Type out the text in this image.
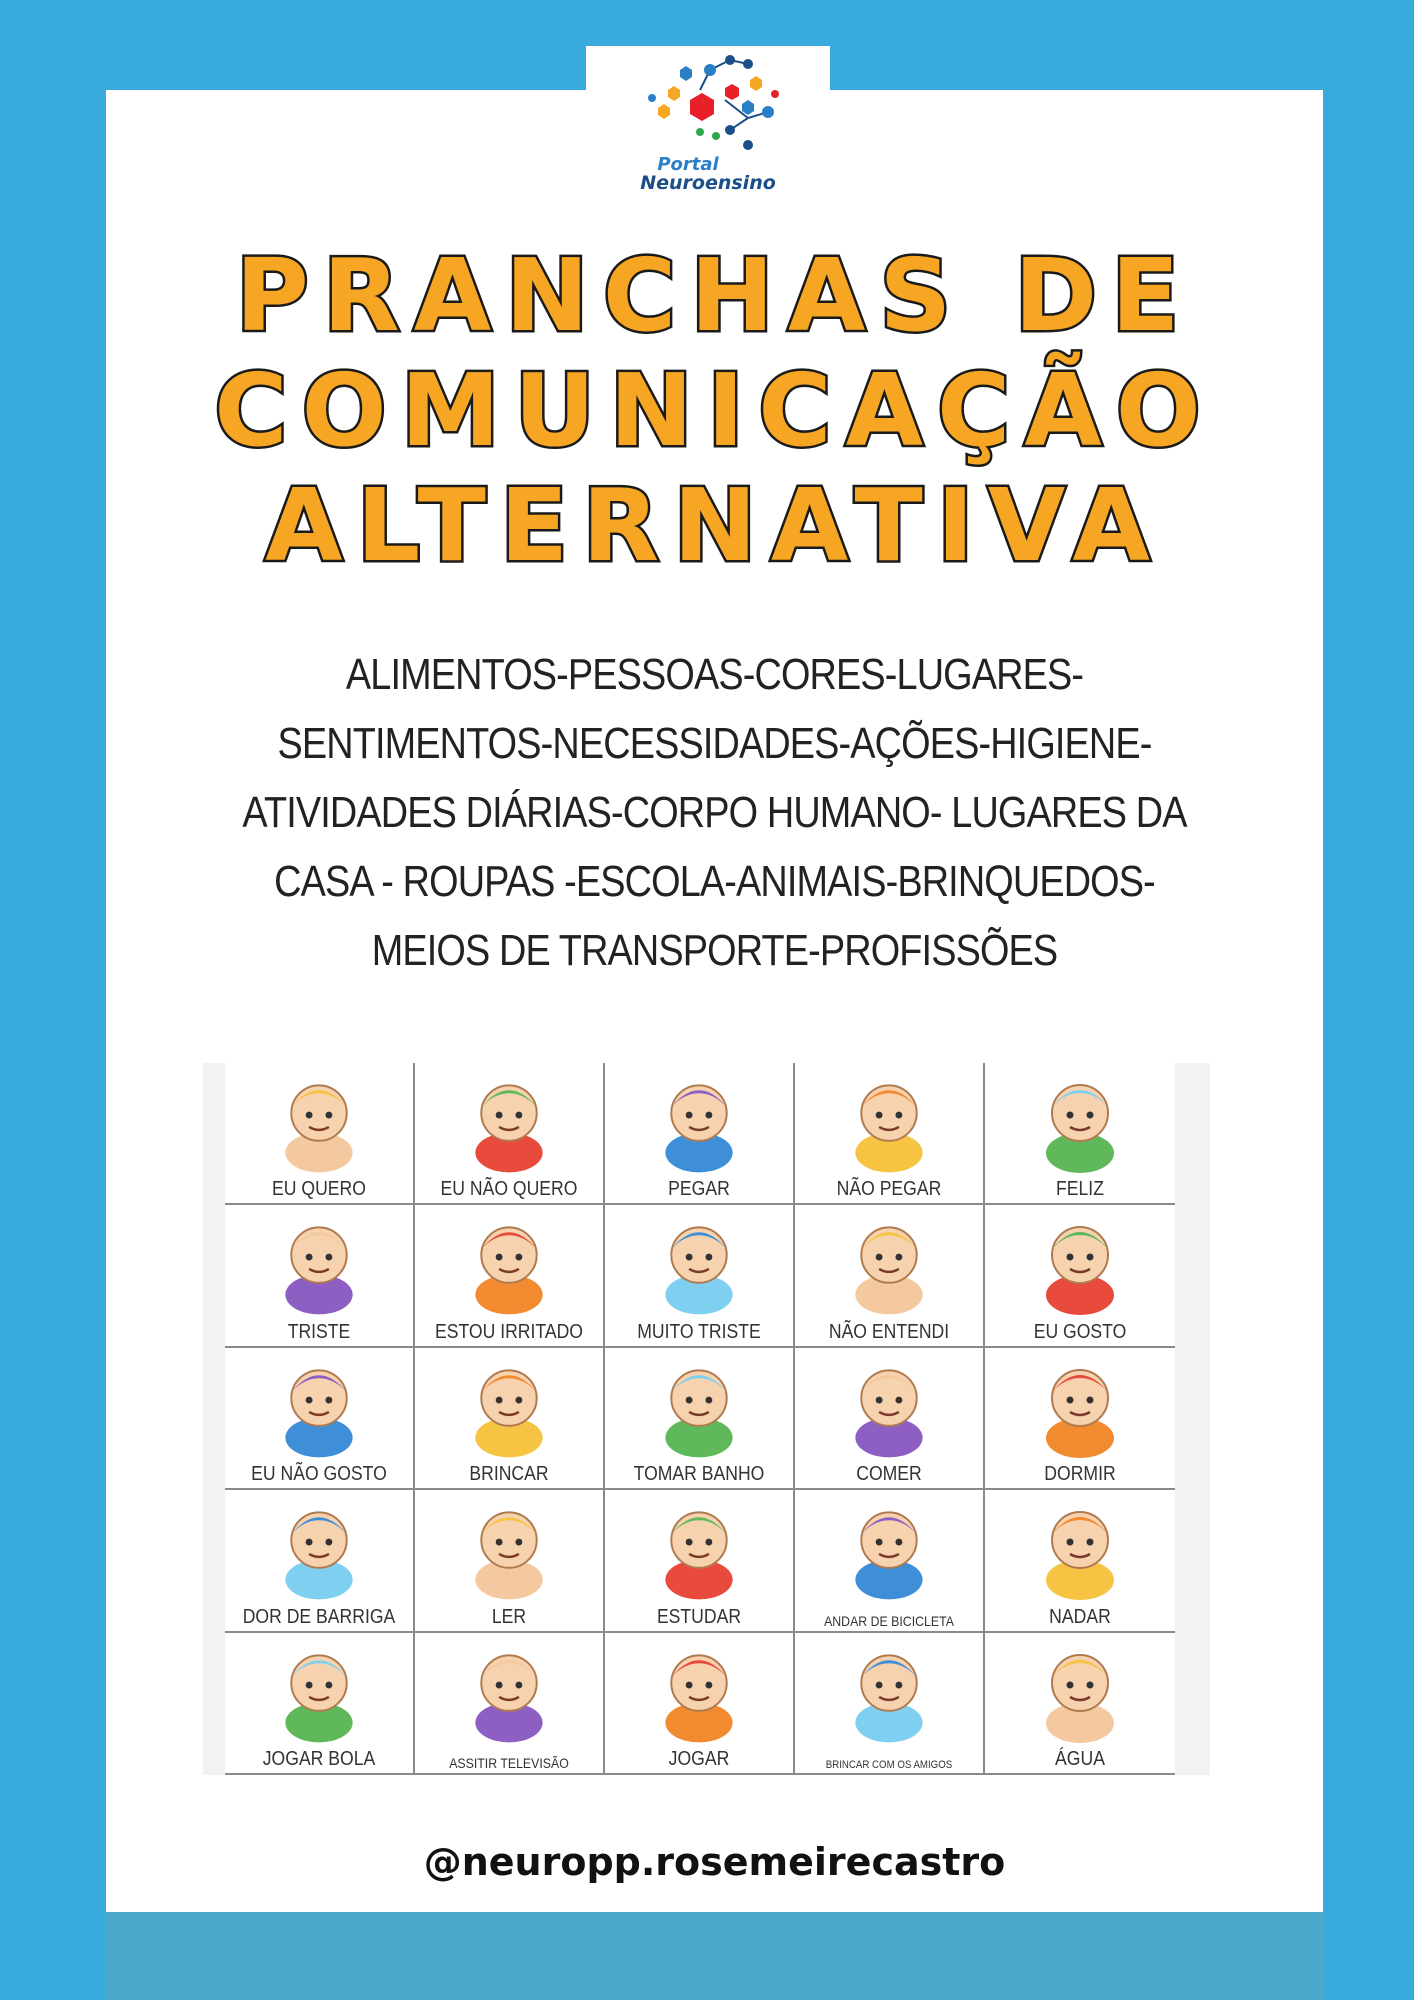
Portal
Neuroensino
PRANCHAS DE
COMUNICAÇÃO
ALTERNATIVA
ALIMENTOS-PESSOAS-CORES-LUGARES-
SENTIMENTOS-NECESSIDADES-AÇÕES-HIGIENE-
ATIVIDADES DIÁRIAS-CORPO HUMANO- LUGARES DA
CASA - ROUPAS -ESCOLA-ANIMAIS-BRINQUEDOS-
MEIOS DE TRANSPORTE-PROFISSÕES
EU QUERO	EU NÃO QUERO	PEGAR	NÃO PEGAR	FELIZ
TRISTE	ESTOU IRRITADO	MUITO TRISTE	NÃO ENTENDI	EU GOSTO
EU NÃO GOSTO	BRINCAR	TOMAR BANHO	COMER	DORMIR
DOR DE BARRIGA	LER	ESTUDAR	ANDAR DE BICICLETA	NADAR
JOGAR BOLA	ASSITIR TELEVISÃO	JOGAR	BRINCAR COM OS AMIGOS	ÁGUA
@neuropp.rosemeirecastro
